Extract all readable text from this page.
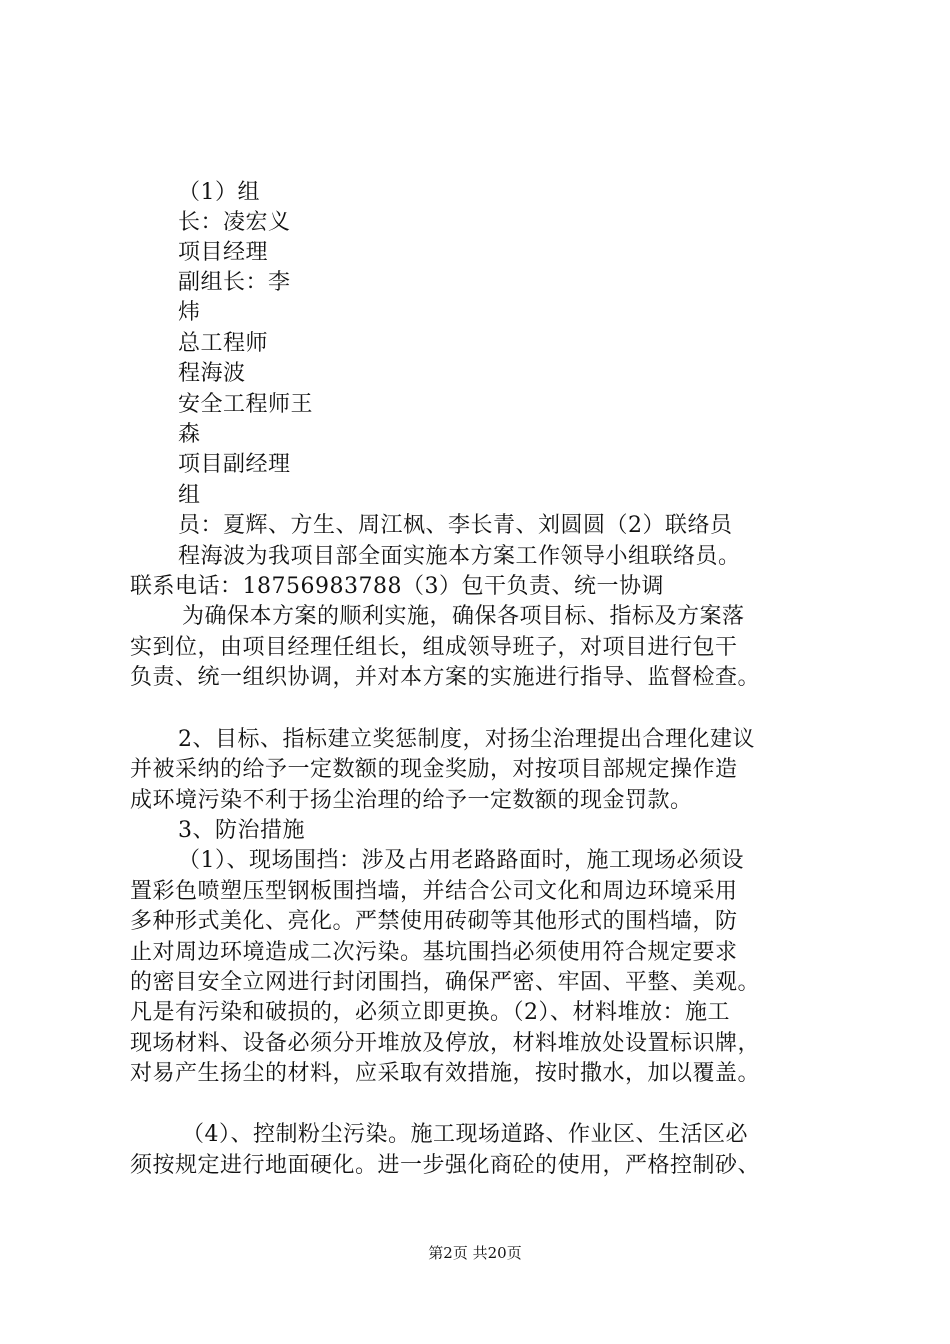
（1）组
长：凌宏义
项目经理
副组长：李
炜
总工程师
程海波
安全工程师王
森
项目副经理
组
员：夏辉、方生、周江枫、李长青、刘圆圆（2）联络员
程海波为我项目部全面实施本方案工作领导小组联络员。
联系电话：18756983788（3）包干负责、统一协调
为确保本方案的顺利实施，确保各项目标、指标及方案落
实到位，由项目经理任组长，组成领导班子，对项目进行包干
负责、统一组织协调，并对本方案的实施进行指导、监督检查。
2、目标、指标建立奖惩制度，对扬尘治理提出合理化建议
并被采纳的给予一定数额的现金奖励，对按项目部规定操作造
成环境污染不利于扬尘治理的给予一定数额的现金罚款。
3、防治措施
（1）、现场围挡：涉及占用老路路面时，施工现场必须设
置彩色喷塑压型钢板围挡墙，并结合公司文化和周边环境采用
多种形式美化、亮化。严禁使用砖砌等其他形式的围档墙，防
止对周边环境造成二次污染。基坑围挡必须使用符合规定要求
的密目安全立网进行封闭围挡，确保严密、牢固、平整、美观。
凡是有污染和破损的，必须立即更换。（2）、材料堆放：施工
现场材料、设备必须分开堆放及停放，材料堆放处设置标识牌，
对易产生扬尘的材料，应采取有效措施，按时撒水，加以覆盖。
（4）、控制粉尘污染。施工现场道路、作业区、生活区必
须按规定进行地面硬化。进一步强化商砼的使用，严格控制砂、
第2页 共20页
